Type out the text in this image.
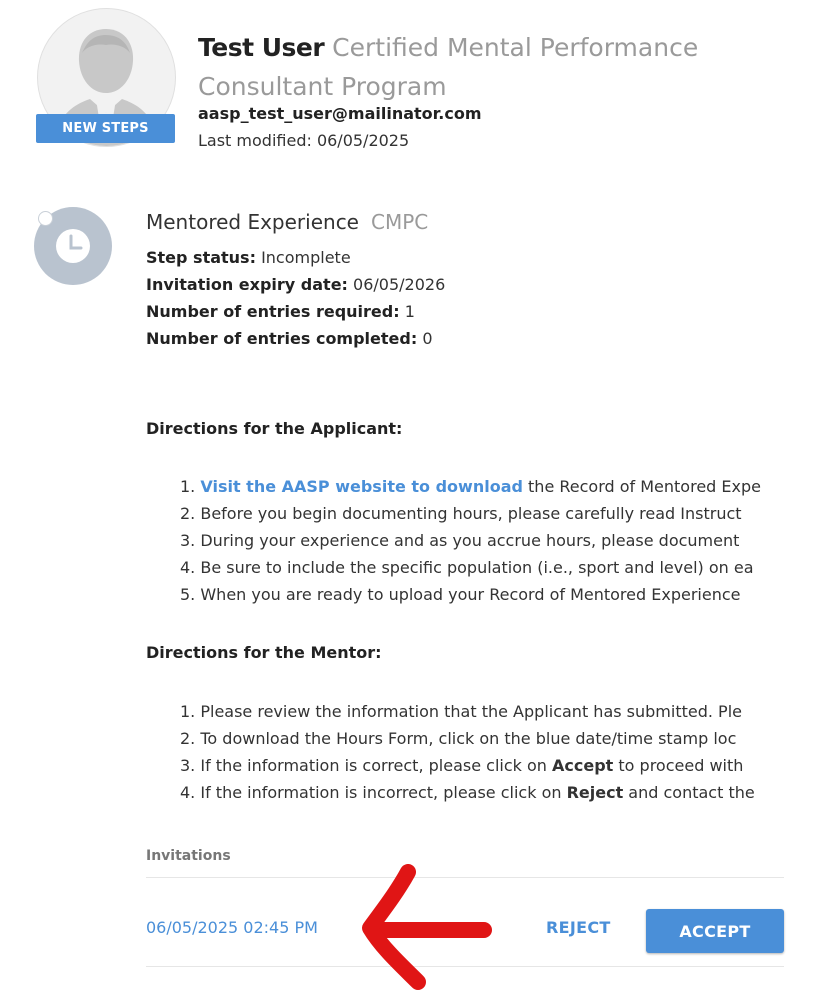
NEW STEPS
Test User Certified Mental Performance Consultant Program
aasp_test_user@mailinator.com
Last modified: 06/05/2025
Mentored Experience CMPC
Step status: Incomplete
Invitation expiry date: 06/05/2026
Number of entries required: 1
Number of entries completed: 0
Directions for the Applicant:
1. Visit the AASP website to download the Record of Mentored Expe
2. Before you begin documenting hours, please carefully read Instruct
3. During your experience and as you accrue hours, please document
4. Be sure to include the specific population (i.e., sport and level) on ea
5. When you are ready to upload your Record of Mentored Experience
Directions for the Mentor:
1. Please review the information that the Applicant has submitted. Ple
2. To download the Hours Form, click on the blue date/time stamp loc
3. If the information is correct, please click on Accept to proceed with
4. If the information is incorrect, please click on Reject and contact the
Invitations
06/05/2025 02:45 PM	REJECT	ACCEPT
